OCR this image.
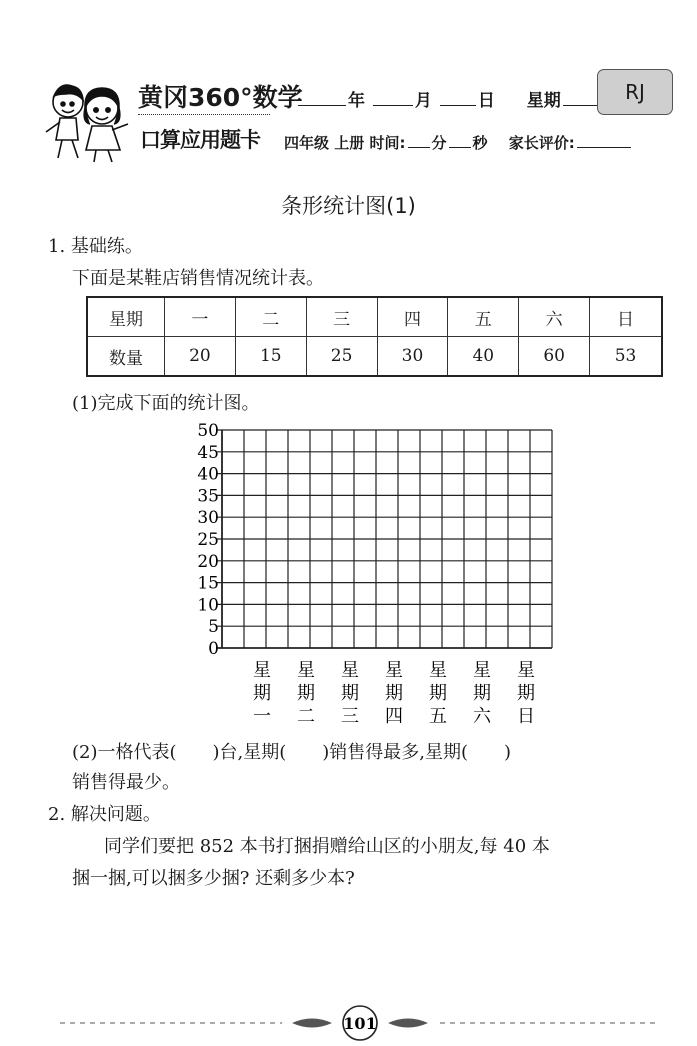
黄冈360°数学
口算应用题卡
年	月	日 星期	RJ
四年级 上册 时间: 分 秒 家长评价:
条形统计图(1)
1. 基础练。
下面是某鞋店销售情况统计表。
星期	一	二	三	四	五	六	日
数量	20	15	25	30	40	60	53
(1)完成下面的统计图。
50
45
40
35
30
25
20
15
10
5
0
星
期
一
星
期
二
星
期
三
星
期
四
星
期
五
星
期
六
星
期
日
(2)一格代表(　　)台,星期(　　)销售得最多,星期(　　)
销售得最少。
2. 解决问题。
同学们要把 852 本书打捆捐赠给山区的小朋友,每 40 本
捆一捆,可以捆多少捆? 还剩多少本?
101
